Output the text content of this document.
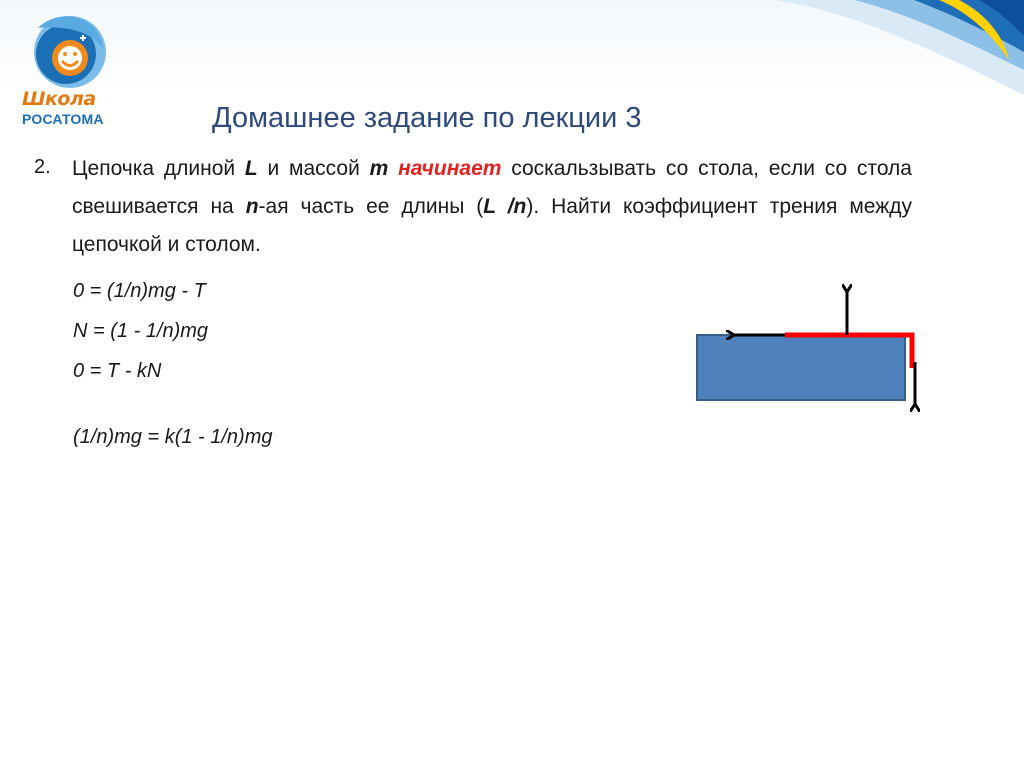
Школа
РОСАТОМА	Домашнее задание по лекции 3
2. Цепочка длиной L и массой m начинает соскальзывать со стола, если со стола свешивается на n-ая часть ее длины (L /n). Найти коэффициент трения между цепочкой и столом.

0 = (1/n)mg - T
N = (1 - 1/n)mg
0 = T - kN
(1/n)mg = k(1 - 1/n)mg
